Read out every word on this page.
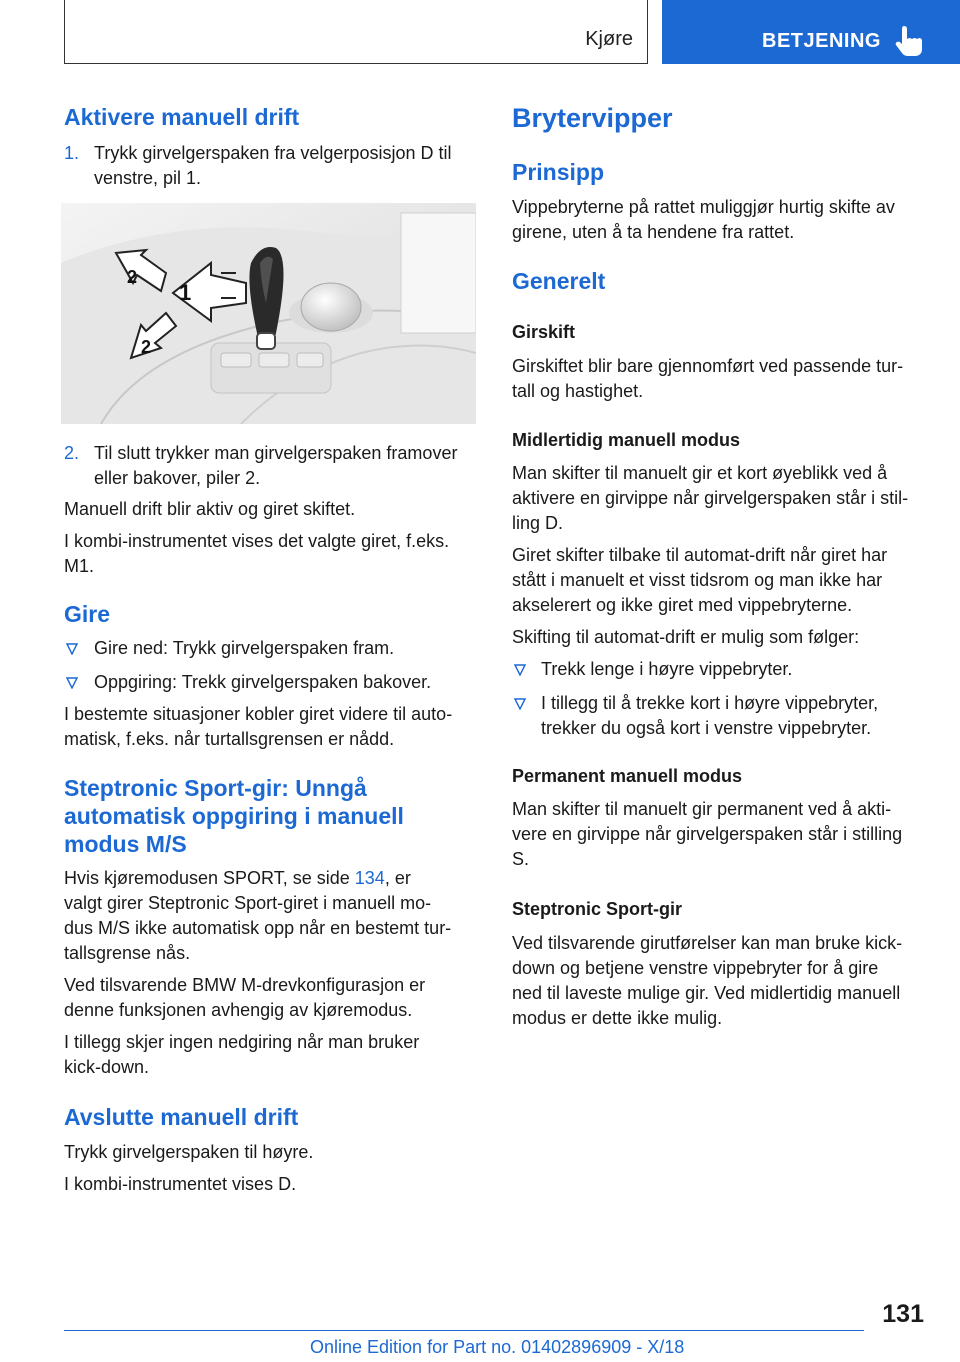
Kjøre	BETJENING
Aktivere manuell drift
1. Trykk girvelgerspaken fra velgerposisjon D til

venstre, pil 1.

1
2
2
2. Til slutt trykker man girvelgerspaken framover

eller bakover, piler 2.

Manuell drift blir aktiv og giret skiftet.

I kombi-instrumentet vises det valgte giret, f.eks.

M1.

Gire

Gire ned: Trykk girvelgerspaken fram.

Oppgiring: Trekk girvelgerspaken bakover.

I bestemte situasjoner kobler giret videre til auto-

matisk, f.eks. når turtallsgrensen er nådd.

Steptronic Sport-gir: Unngå
automatisk oppgiring i manuell
modus M/S

Hvis kjøremodusen SPORT, se side 134, er

valgt girer Steptronic Sport-giret i manuell mo-

dus M/S ikke automatisk opp når en bestemt tur-

tallsgrense nås.

Ved tilsvarende BMW M-drevkonfigurasjon er

denne funksjonen avhengig av kjøremodus.

I tillegg skjer ingen nedgiring når man bruker

kick-down.

Avslutte manuell drift

Trykk girvelgerspaken til høyre.

I kombi-instrumentet vises D.

Brytervipper
Prinsipp

Vippebryterne på rattet muliggjør hurtig skifte av

girene, uten å ta hendene fra rattet.

Generelt

Girskift

Girskiftet blir bare gjennomført ved passende tur-

tall og hastighet.

Midlertidig manuell modus

Man skifter til manuelt gir et kort øyeblikk ved å

aktivere en girvippe når girvelgerspaken står i stil-

ling D.

Giret skifter tilbake til automat-drift når giret har

stått i manuelt et visst tidsrom og man ikke har

akselerert og ikke giret med vippebryterne.

Skifting til automat-drift er mulig som følger:

Trekk lenge i høyre vippebryter.

I tillegg til å trekke kort i høyre vippebryter,

trekker du også kort i venstre vippebryter.

Permanent manuell modus

Man skifter til manuelt gir permanent ved å akti-

vere en girvippe når girvelgerspaken står i stilling

S.

Steptronic Sport-gir

Ved tilsvarende girutførelser kan man bruke kick-

down og betjene venstre vippebryter for å gire

ned til laveste mulige gir. Ved midlertidig manuell

modus er dette ikke mulig.

131
Online Edition for Part no. 01402896909 - X/18
